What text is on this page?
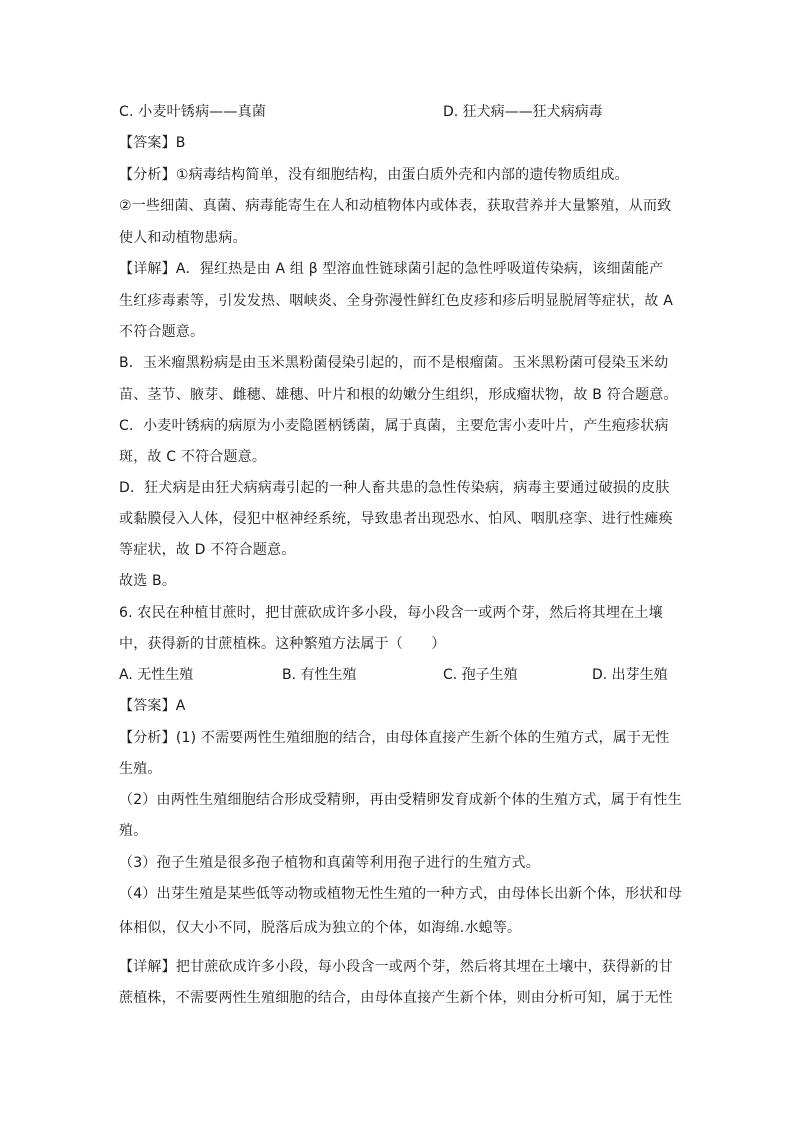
C. 小麦叶锈病——真菌	D. 狂犬病——狂犬病病毒
【答案】B
【分析】①病毒结构简单，没有细胞结构，由蛋白质外壳和内部的遗传物质组成。
②一些细菌、真菌、病毒能寄生在人和动植物体内或体表，获取营养并大量繁殖，从而致
使人和动植物患病。
【详解】A．猩红热是由 A 组 β 型溶血性链球菌引起的急性呼吸道传染病，该细菌能产
生红疹毒素等，引发发热、咽峡炎、全身弥漫性鲜红色皮疹和疹后明显脱屑等症状，故 A
不符合题意。
B．玉米瘤黑粉病是由玉米黑粉菌侵染引起的，而不是根瘤菌。玉米黑粉菌可侵染玉米幼
苗、茎节、腋芽、雌穗、雄穗、叶片和根的幼嫩分生组织，形成瘤状物，故 B 符合题意。
C．小麦叶锈病的病原为小麦隐匿柄锈菌，属于真菌，主要危害小麦叶片，产生疱疹状病
斑，故 C 不符合题意。
D．狂犬病是由狂犬病病毒引起的一种人畜共患的急性传染病，病毒主要通过破损的皮肤
或黏膜侵入人体，侵犯中枢神经系统，导致患者出现恐水、怕风、咽肌痉挛、进行性瘫痪
等症状，故 D 不符合题意。
故选 B。
6. 农民在种植甘蔗时，把甘蔗砍成许多小段，每小段含一或两个芽，然后将其埋在土壤
中，获得新的甘蔗植株。这种繁殖方法属于（　　）
A. 无性生殖	B. 有性生殖	C. 孢子生殖	D. 出芽生殖
【答案】A
【分析】(1) 不需要两性生殖细胞的结合，由母体直接产生新个体的生殖方式，属于无性
生殖。
（2）由两性生殖细胞结合形成受精卵，再由受精卵发育成新个体的生殖方式，属于有性生
殖。
（3）孢子生殖是很多孢子植物和真菌等利用孢子进行的生殖方式。
（4）出芽生殖是某些低等动物或植物无性生殖的一种方式，由母体长出新个体，形状和母
体相似，仅大小不同，脱落后成为独立的个体，如海绵.水螅等。
【详解】把甘蔗砍成许多小段，每小段含一或两个芽，然后将其埋在土壤中，获得新的甘
蔗植株，不需要两性生殖细胞的结合，由母体直接产生新个体，则由分析可知，属于无性
